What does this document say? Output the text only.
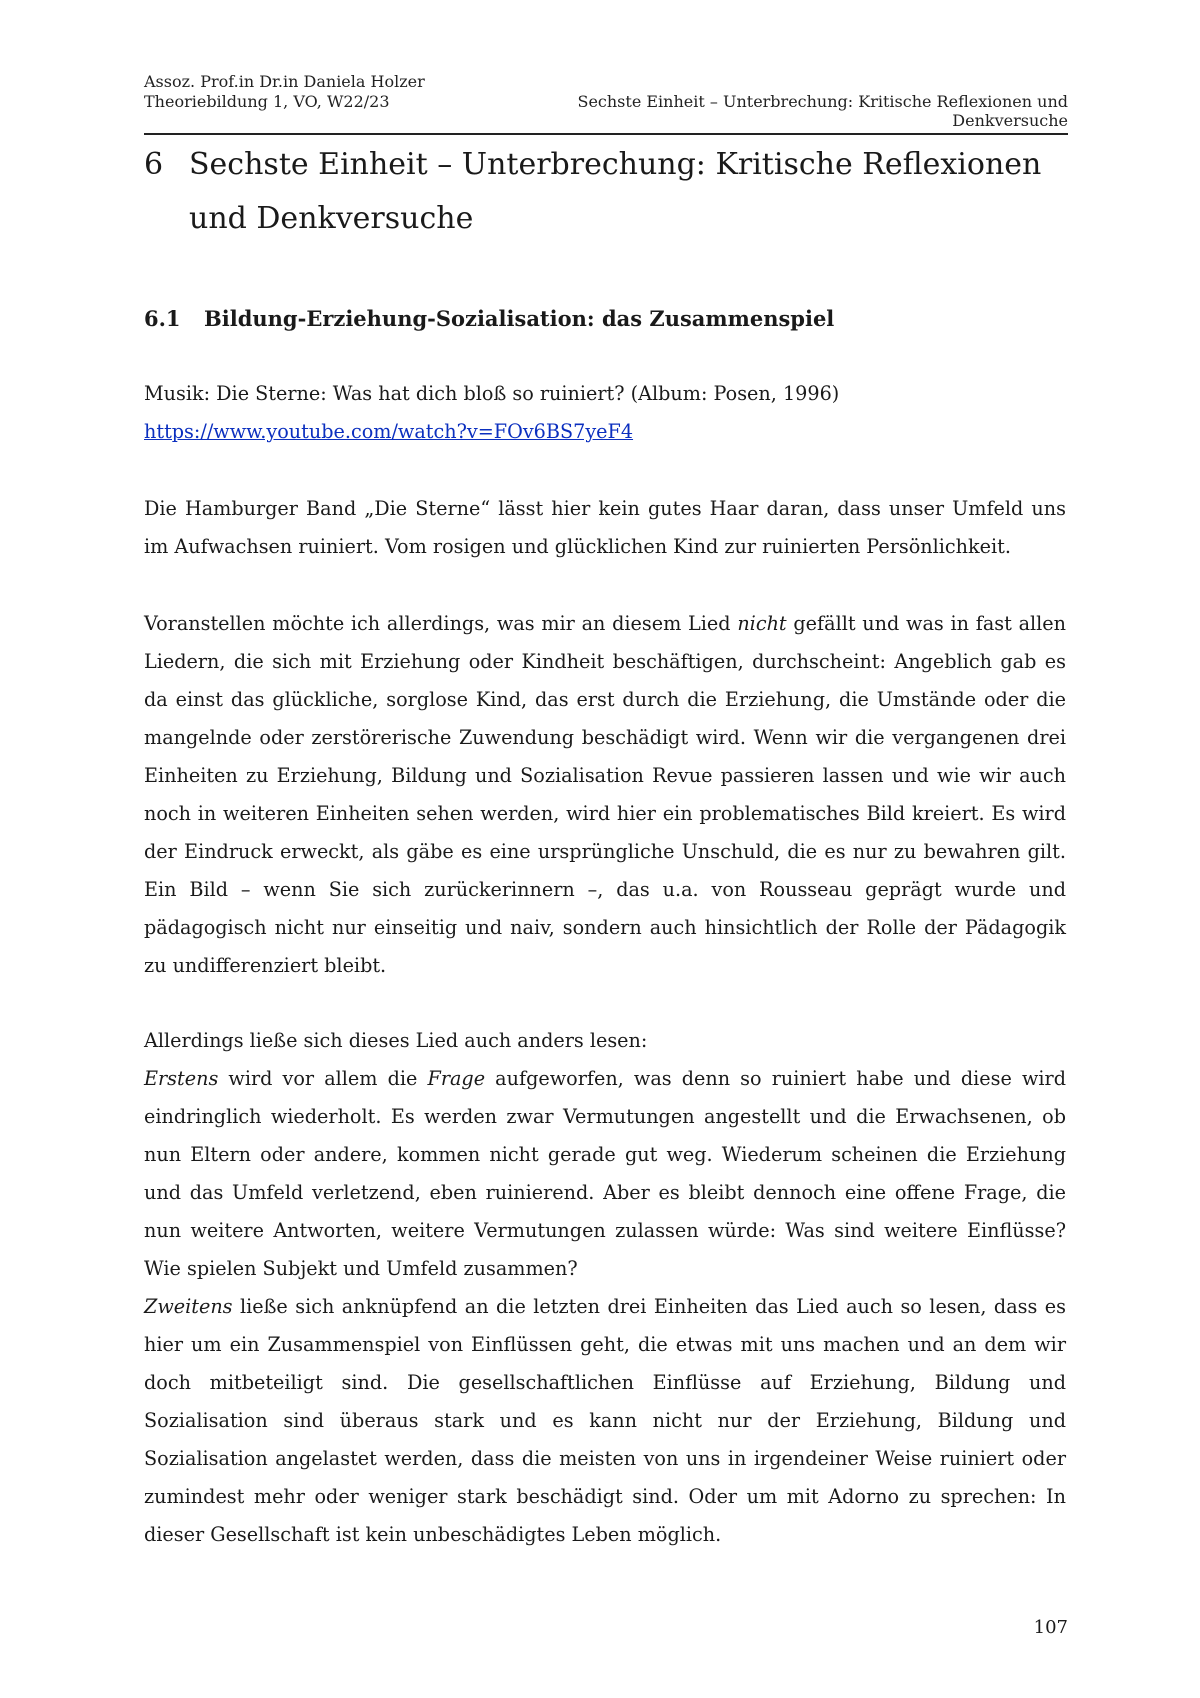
Assoz. Prof.in Dr.in Daniela Holzer
Theoriebildung 1, VO, W22/23	Sechste Einheit – Unterbrechung: Kritische Reflexionen und
Denkversuche
6 Sechste Einheit – Unterbrechung: Kritische Reflexionen und Denkversuche
6.1	Bildung-Erziehung-Sozialisation: das Zusammenspiel

Musik: Die Sterne: Was hat dich bloß so ruiniert? (Album: Posen, 1996)

https://www.youtube.com/watch?v=FOv6BS7yeF4

Die Hamburger Band „Die Sterne“ lässt hier kein gutes Haar daran, dass unser Umfeld uns im Aufwachsen ruiniert. Vom rosigen und glücklichen Kind zur ruinierten Persönlichkeit.

Voranstellen möchte ich allerdings, was mir an diesem Lied nicht gefällt und was in fast allen Liedern, die sich mit Erziehung oder Kindheit beschäftigen, durchscheint: Angeblich gab es da einst das glückliche, sorglose Kind, das erst durch die Erziehung, die Umstände oder die mangelnde oder zerstörerische Zuwendung beschädigt wird. Wenn wir die vergangenen drei Einheiten zu Erziehung, Bildung und Sozialisation Revue passieren lassen und wie wir auch noch in weiteren Einheiten sehen werden, wird hier ein problematisches Bild kreiert. Es wird der Eindruck erweckt, als gäbe es eine ursprüngliche Unschuld, die es nur zu bewahren gilt. Ein Bild – wenn Sie sich zurückerinnern –, das u.a. von Rousseau geprägt wurde und pädagogisch nicht nur einseitig und naiv, sondern auch hinsichtlich der Rolle der Pädagogik zu undifferenziert bleibt.

Allerdings ließe sich dieses Lied auch anders lesen:

Erstens wird vor allem die Frage aufgeworfen, was denn so ruiniert habe und diese wird eindringlich wiederholt. Es werden zwar Vermutungen angestellt und die Erwachsenen, ob nun Eltern oder andere, kommen nicht gerade gut weg. Wiederum scheinen die Erziehung und das Umfeld verletzend, eben ruinierend. Aber es bleibt dennoch eine offene Frage, die nun weitere Antworten, weitere Vermutungen zulassen würde: Was sind weitere Einflüsse? Wie spielen Subjekt und Umfeld zusammen?

Zweitens ließe sich anknüpfend an die letzten drei Einheiten das Lied auch so lesen, dass es hier um ein Zusammenspiel von Einflüssen geht, die etwas mit uns machen und an dem wir doch mitbeteiligt sind. Die gesellschaftlichen Einflüsse auf Erziehung, Bildung und Sozialisation sind überaus stark und es kann nicht nur der Erziehung, Bildung und Sozialisation angelastet werden, dass die meisten von uns in irgendeiner Weise ruiniert oder zumindest mehr oder weniger stark beschädigt sind. Oder um mit Adorno zu sprechen: In dieser Gesellschaft ist kein unbeschädigtes Leben möglich.

107
